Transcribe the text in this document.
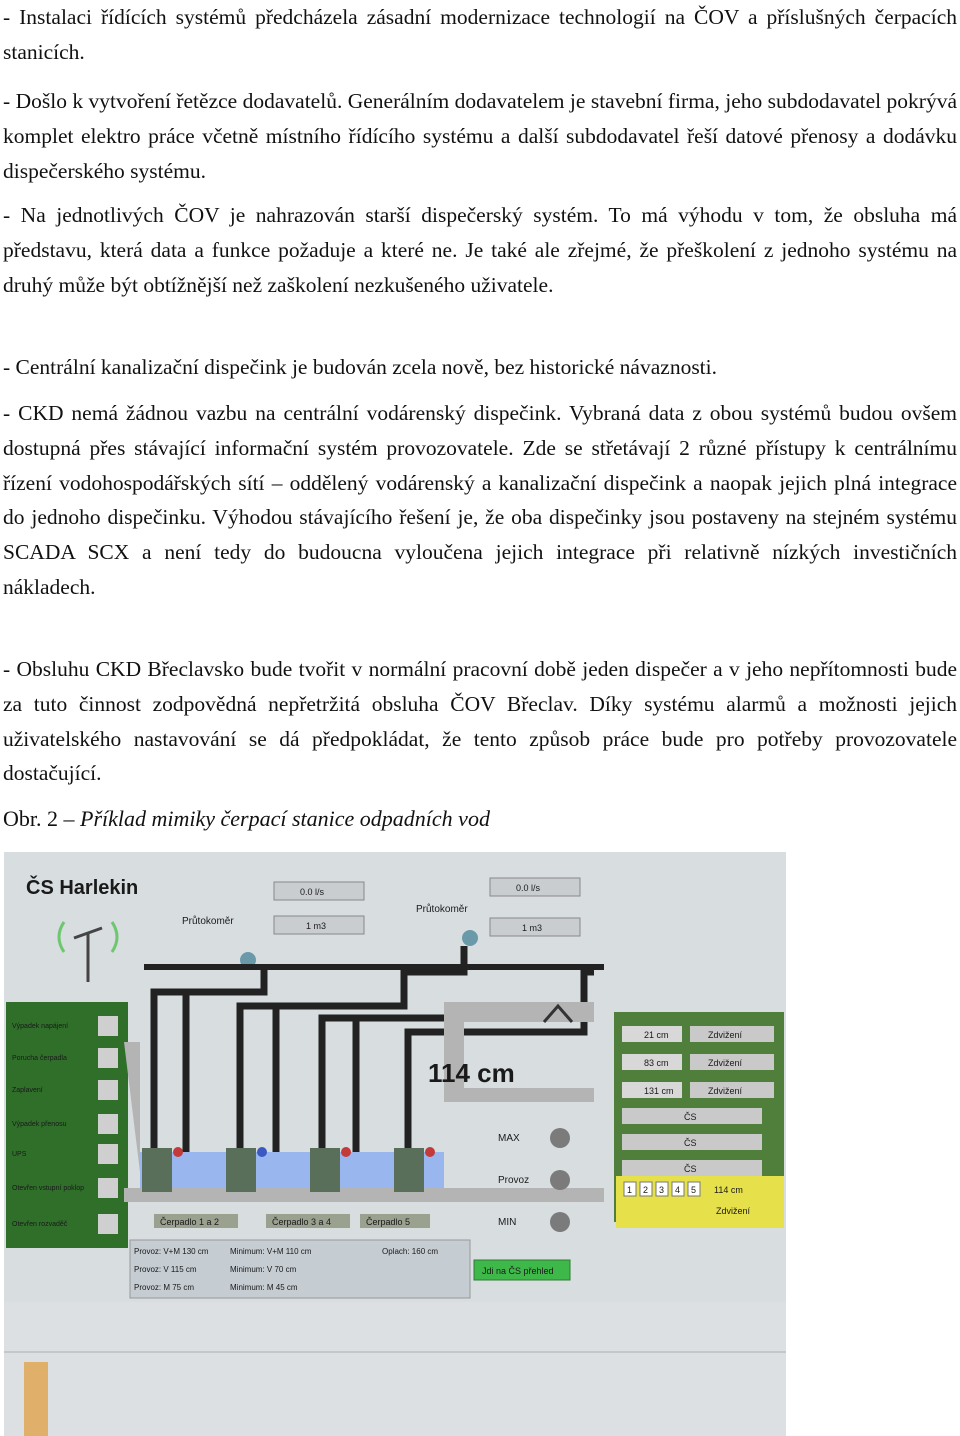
- Instalaci řídících systémů předcházela zásadní modernizace technologií na ČOV a příslušných čerpacích stanicích.

- Došlo k vytvoření řetězce dodavatelů. Generálním dodavatelem je stavební firma, jeho subdodavatel pokrývá komplet elektro práce včetně místního řídícího systému a další subdodavatel řeší datové přenosy a dodávku dispečerského systému.

- Na jednotlivých ČOV je nahrazován starší dispečerský systém. To má výhodu v tom, že obsluha má představu, která data a funkce požaduje a které ne. Je také ale zřejmé, že přeškolení z jednoho systému na druhý může být obtížnější než zaškolení nezkušeného uživatele.

- Centrální kanalizační dispečink je budován zcela nově, bez historické návaznosti.

- CKD nemá žádnou vazbu na centrální vodárenský dispečink. Vybraná data z obou systémů budou ovšem dostupná přes stávající informační systém provozovatele. Zde se střetávají 2 různé přístupy k centrálnímu řízení vodohospodářských sítí – oddělený vodárenský a kanalizační dispečink a naopak jejich plná integrace do jednoho dispečinku. Výhodou stávajícího řešení je, že oba dispečinky jsou postaveny na stejném systému SCADA SCX a není tedy do budoucna vyloučena jejich integrace při relativně nízkých investičních nákladech.

- Obsluhu CKD Břeclavsko bude tvořit v normální pracovní době jeden dispečer a v jeho nepřítomnosti bude za tuto činnost zodpovědná nepřetržitá obsluha ČOV Břeclav. Díky systému alarmů a možnosti jejich uživatelského nastavování se dá předpokládat, že tento způsob práce bude pro potřeby provozovatele dostačující.

Obr. 2 – Příklad mimiky čerpací stanice odpadních vod

ČS Harlekin
Výpadek napájení
Porucha čerpadla
Zaplavení
Výpadek přenosu
UPS
Otevřen vstupní poklop
Otevřen rozvaděč
0.0 l/s
Průtokoměr	1 m3
0.0 l/s
Průtokoměr
1 m3
114 cm
MAX
Provoz
MIN
Čerpadlo 1 a 2	Čerpadlo 3 a 4	Čerpadlo 5
Provoz: V+M 130 cm
Provoz: V 115 cm
Provoz: M 75 cm
Minimum: V+M 110 cm
Minimum: V 70 cm
Minimum: M 45 cm
Oplach: 160 cm
Jdi na ČS přehled
21 cm	Zdvižení
83 cm	Zdvižení
131 cm	Zdvižení
ČS
ČS
ČS
1 2 3 4 5 114 cm
Zdvižení
